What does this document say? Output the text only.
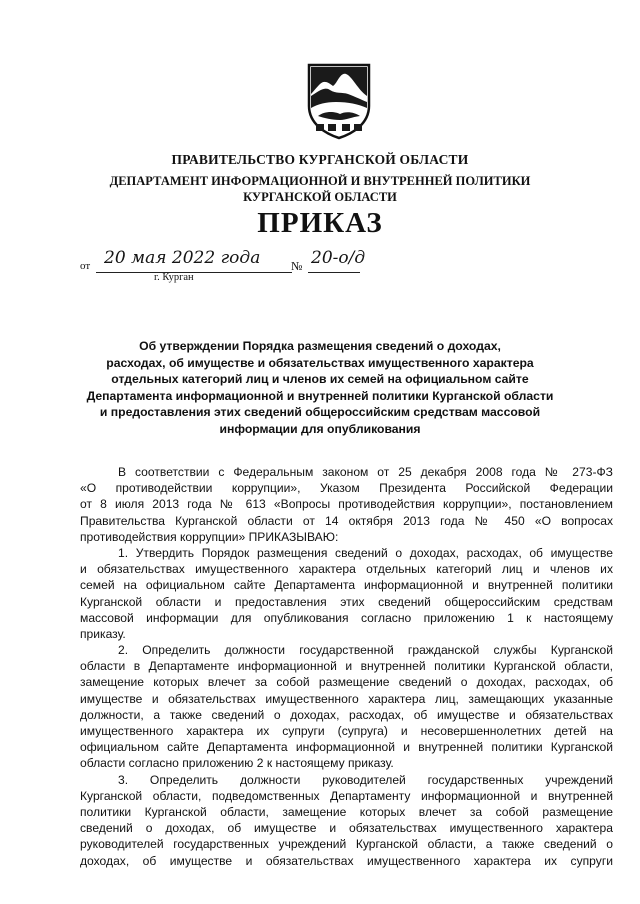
ПРАВИТЕЛЬСТВО КУРГАНСКОЙ ОБЛАСТИ
ДЕПАРТАМЕНТ ИНФОРМАЦИОННОЙ И ВНУТРЕННЕЙ ПОЛИТИКИ
КУРГАНСКОЙ ОБЛАСТИ
ПРИКАЗ
от 20 мая 2022 года	№ 20-о/д
г. Курган
Об утверждении Порядка размещения сведений о доходах,
расходах, об имуществе и обязательствах имущественного характера
отдельных категорий лиц и членов их семей на официальном сайте
Департамента информационной и внутренней политики Курганской области
и предоставления этих сведений общероссийским средствам массовой
информации для опубликования
В соответствии с Федеральным законом от 25 декабря 2008 года № 273-ФЗ
«О противодействии коррупции», Указом Президента Российской Федерации
от 8 июля 2013 года № 613 «Вопросы противодействия коррупции», постановлением
Правительства Курганской области от 14 октября 2013 года № 450 «О вопросах
противодействия коррупции» ПРИКАЗЫВАЮ:
1. Утвердить Порядок размещения сведений о доходах, расходах, об имуществе
и обязательствах имущественного характера отдельных категорий лиц и членов их
семей на официальном сайте Департамента информационной и внутренней политики
Курганской области и предоставления этих сведений общероссийским средствам
массовой информации для опубликования согласно приложению 1 к настоящему
приказу.
2. Определить должности государственной гражданской службы Курганской
области в Департаменте информационной и внутренней политики Курганской области,
замещение которых влечет за собой размещение сведений о доходах, расходах, об
имуществе и обязательствах имущественного характера лиц, замещающих указанные
должности, а также сведений о доходах, расходах, об имуществе и обязательствах
имущественного характера их супруги (супруга) и несовершеннолетних детей на
официальном сайте Департамента информационной и внутренней политики Курганской
области согласно приложению 2 к настоящему приказу.
3. Определить должности руководителей государственных учреждений
Курганской области, подведомственных Департаменту информационной и внутренней
политики Курганской области, замещение которых влечет за собой размещение
сведений о доходах, об имуществе и обязательствах имущественного характера
руководителей государственных учреждений Курганской области, а также сведений о
доходах, об имуществе и обязательствах имущественного характера их супруги
